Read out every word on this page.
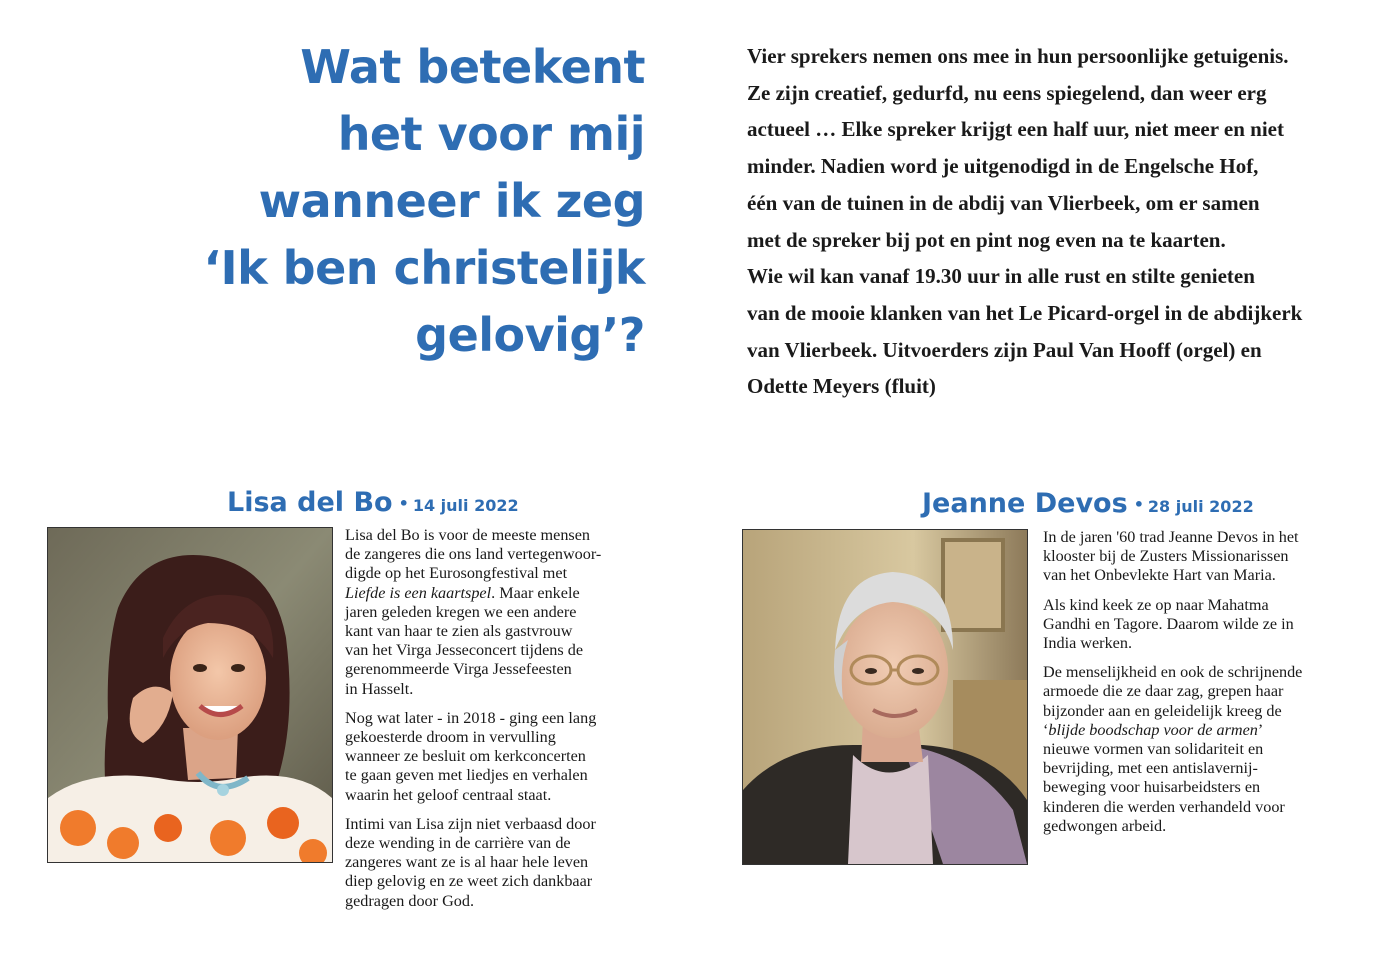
Wat betekent
het voor mij
wanneer ik zeg
‘Ik ben christelijk
gelovig’?
Vier sprekers nemen ons mee in hun persoonlijke getuigenis.
Ze zijn creatief, gedurfd, nu eens spiegelend, dan weer erg
actueel … Elke spreker krijgt een half uur, niet meer en niet
minder. Nadien word je uitgenodigd in de Engelsche Hof,
één van de tuinen in de abdij van Vlierbeek, om er samen
met de spreker bij pot en pint nog even na te kaarten.
Wie wil kan vanaf 19.30 uur in alle rust en stilte genieten
van de mooie klanken van het Le Picard-orgel in de abdijkerk
van Vlierbeek. Uitvoerders zijn Paul Van Hooff (orgel) en
Odette Meyers (fluit)
Lisa del Bo • 14 juli 2022

Lisa del Bo is voor de meeste mensen
de zangeres die ons land vertegenwoor-
digde op het Eurosongfestival met
Liefde is een kaartspel. Maar enkele
jaren geleden kregen we een andere
kant van haar te zien als gastvrouw
van het Virga Jesseconcert tijdens de
gerenommeerde Virga Jessefeesten
in Hasselt.

Nog wat later - in 2018 - ging een lang
gekoesterde droom in vervulling
wanneer ze besluit om kerkconcerten
te gaan geven met liedjes en verhalen
waarin het geloof centraal staat.

Intimi van Lisa zijn niet verbaasd door
deze wending in de carrière van de
zangeres want ze is al haar hele leven
diep gelovig en ze weet zich dankbaar
gedragen door God.

Jeanne Devos • 28 juli 2022

In de jaren '60 trad Jeanne Devos in het
klooster bij de Zusters Missionarissen
van het Onbevlekte Hart van Maria.

Als kind keek ze op naar Mahatma
Gandhi en Tagore. Daarom wilde ze in
India werken.

De menselijkheid en ook de schrijnende
armoede die ze daar zag, grepen haar
bijzonder aan en geleidelijk kreeg de
‘blijde boodschap voor de armen’
nieuwe vormen van solidariteit en
bevrijding, met een antislavernij-
beweging voor huisarbeidsters en
kinderen die werden verhandeld voor
gedwongen arbeid.
